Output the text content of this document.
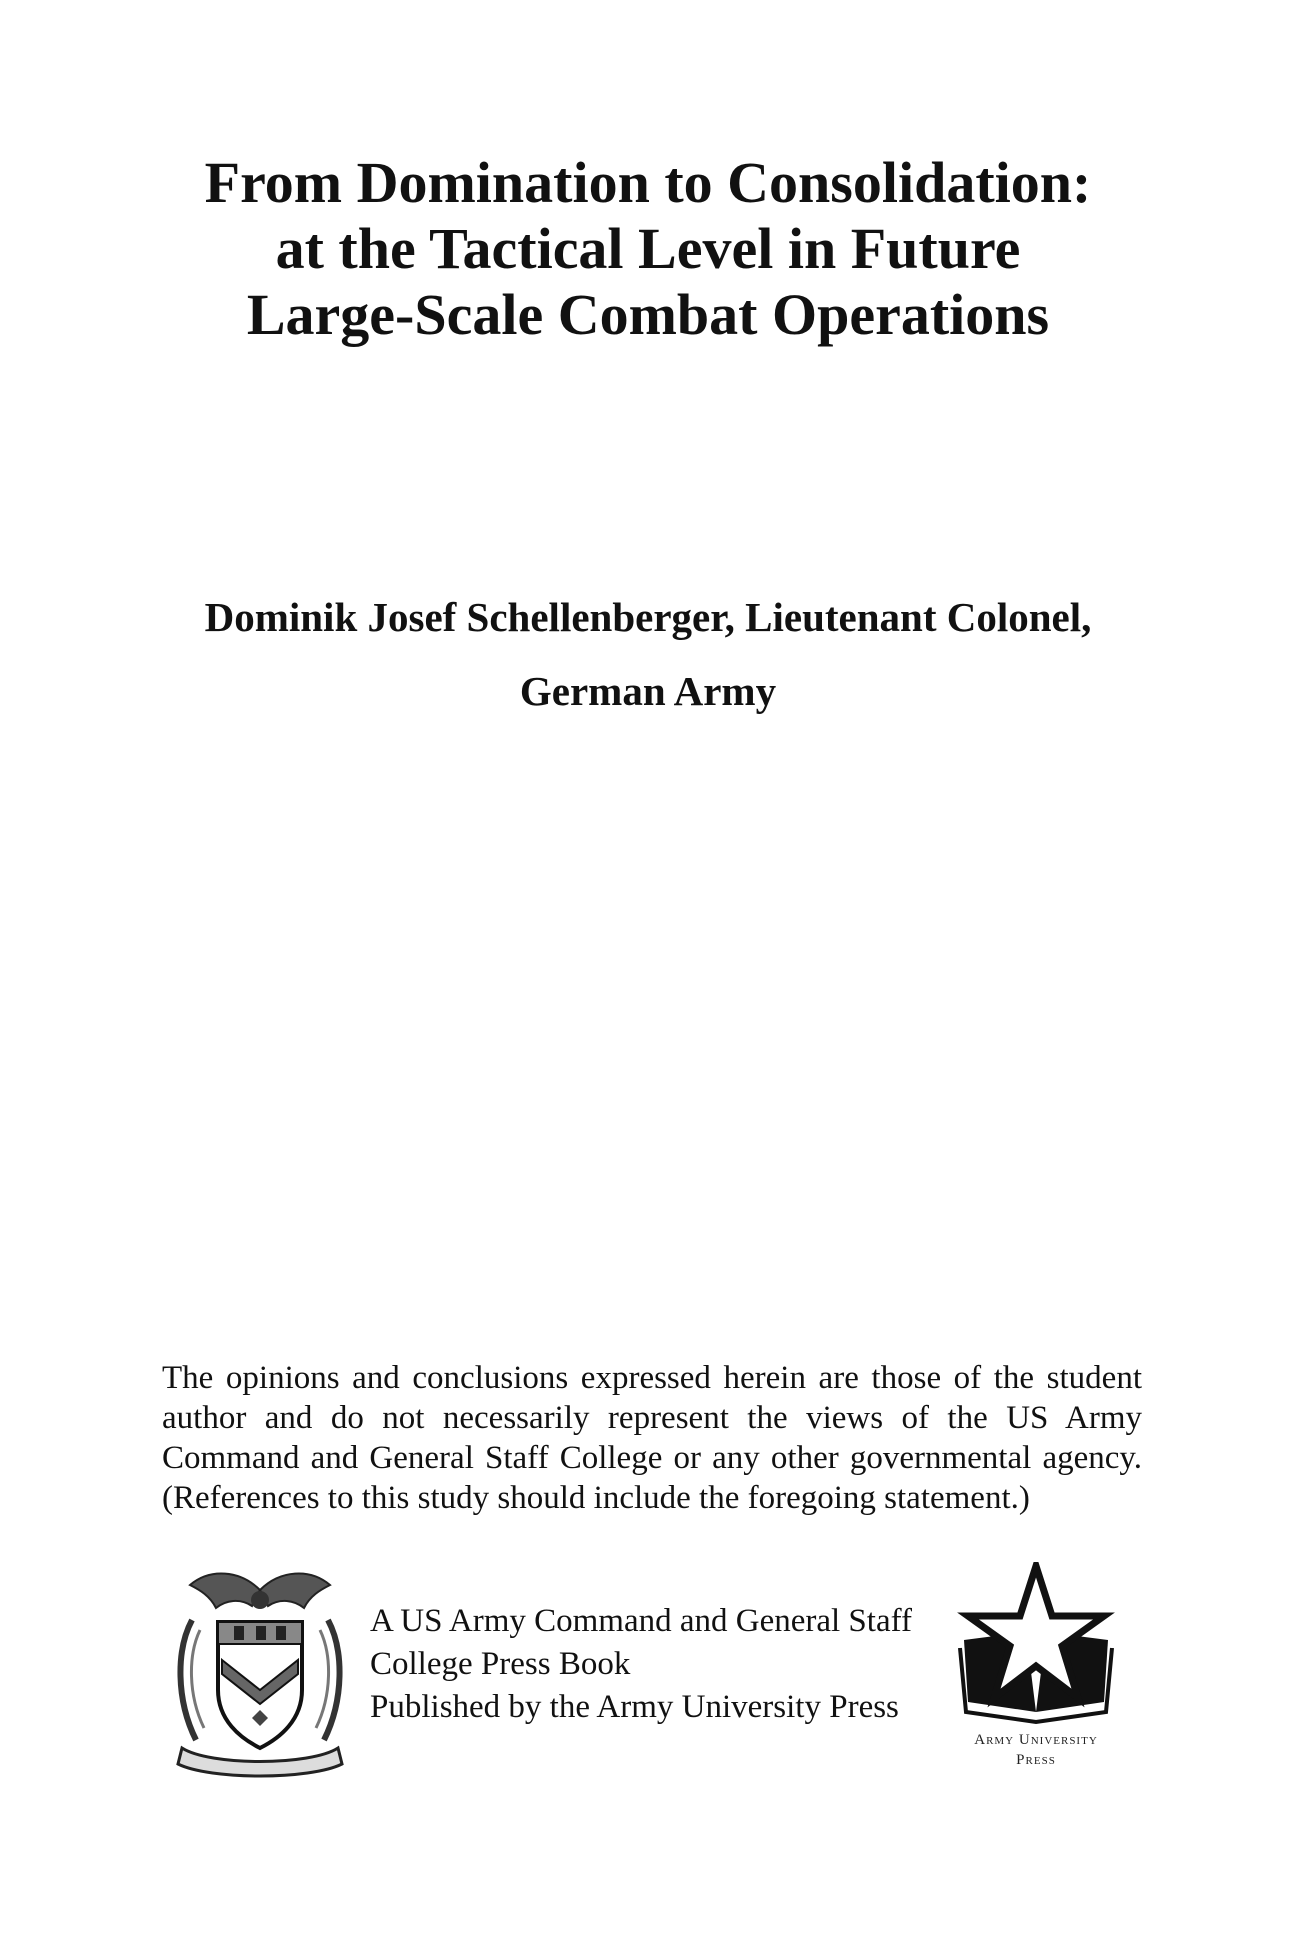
From Domination to Consolidation:
at the Tactical Level in Future
Large-Scale Combat Operations
Dominik Josef Schellenberger, Lieutenant Colonel,
German Army
The opinions and conclusions expressed herein are those of the student author and do not necessarily represent the views of the US Army Command and General Staff College or any other governmental agency. (References to this study should include the foregoing statement.)
A US Army Command and General Staff
College Press Book
Published by the Army University Press
Army University
Press
